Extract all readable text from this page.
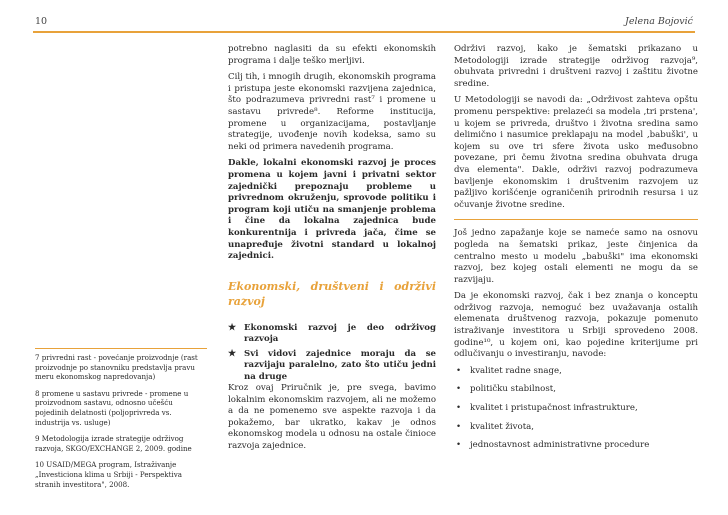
10	Jelena Bojović

potrebno naglasiti da su efekti ekonomskih programa i dalje teško merljivi.

Cilj tih, i mnogih drugih, ekonomskih programa i pristupa jeste ekonomski razvijena zajednica, što podrazumeva privredni rast⁷ i promene u sastavu privrede⁸. Reforme institucija, promene u organizacijama, postavljanje strategije, uvođenje novih kodeksa, samo su neki od primera navedenih programa.

Dakle, lokalni ekonomski razvoj je proces promena u kojem javni i privatni sektor zajednički prepoznaju probleme u privrednom okruženju, sprovode politiku i program koji utiču na smanjenje problema i čine da lokalna zajednica bude konkurentnija i privreda jača, čime se unapređuje životni standard u lokalnoj zajednici.

Ekonomski, društveni i održivi razvoj
★ Ekonomski razvoj je deo održivog razvoja
★ Svi vidovi zajednice moraju da se razvijaju paralelno, zato što utiču jedni na druge
Kroz ovaj Priručnik je, pre svega, bavimo lokalnim ekonomskim razvojem, ali ne možemo a da ne pomenemo sve aspekte razvoja i da pokažemo, bar ukratko, kakav je odnos ekonomskog modela u odnosu na ostale činioce razvoja zajednice.

Održivi razvoj, kako je šematski prikazano u Metodologiji izrade strategije održivog razvoja⁹, obuhvata privredni i društveni razvoj i zaštitu životne sredine.

U Metodologiji se navodi da: „Održivost zahteva opštu promenu perspektive: prelazeći sa modela ‚tri prstena', u kojem se privreda, društvo i životna sredina samo delimično i nasumice preklapaju na model ‚babuški', u kojem su ove tri sfere života usko međusobno povezane, pri čemu životna sredina obuhvata druga dva elementa". Dakle, održivi razvoj podrazumeva bavljenje ekonomskim i društvenim razvojem uz pažljivo korišćenje ograničenih prirodnih resursa i uz očuvanje životne sredine.

Još jedno zapažanje koje se nameće samo na osnovu pogleda na šematski prikaz, jeste činjenica da centralno mesto u modelu „babuški" ima ekonomski razvoj, bez kojeg ostali elementi ne mogu da se razvijaju.

Da je ekonomski razvoj, čak i bez znanja o konceptu održivog razvoja, nemoguć bez uvažavanja ostalih elemenata društvenog razvoja, pokazuje pomenuto istraživanje investitora u Srbiji sprovedeno 2008. godine¹⁰, u kojem oni, kao pojedine kriterijume pri odlučivanju o investiranju, navode:

• kvalitet radne snage,
• političku stabilnost,
• kvalitet i pristupačnost infrastrukture,
• kvalitet života,
• jednostavnost administrativne procedure
7 privredni rast - povećanje proizvodnje (rast proizvodnje po stanovniku predstavlja pravu meru ekonomskog napredovanja)
8 promene u sastavu privrede - promene u proizvodnom sastavu, odnosno učešću pojedinih delatnosti (poljoprivreda vs. industrija vs. usluge)
9 Metodologija izrade strategije održivog razvoja, SKGO/EXCHANGE 2, 2009. godine
10 USAID/MEGA program, Istraživanje „Investiciona klima u Srbiji - Perspektiva stranih investitora", 2008.
